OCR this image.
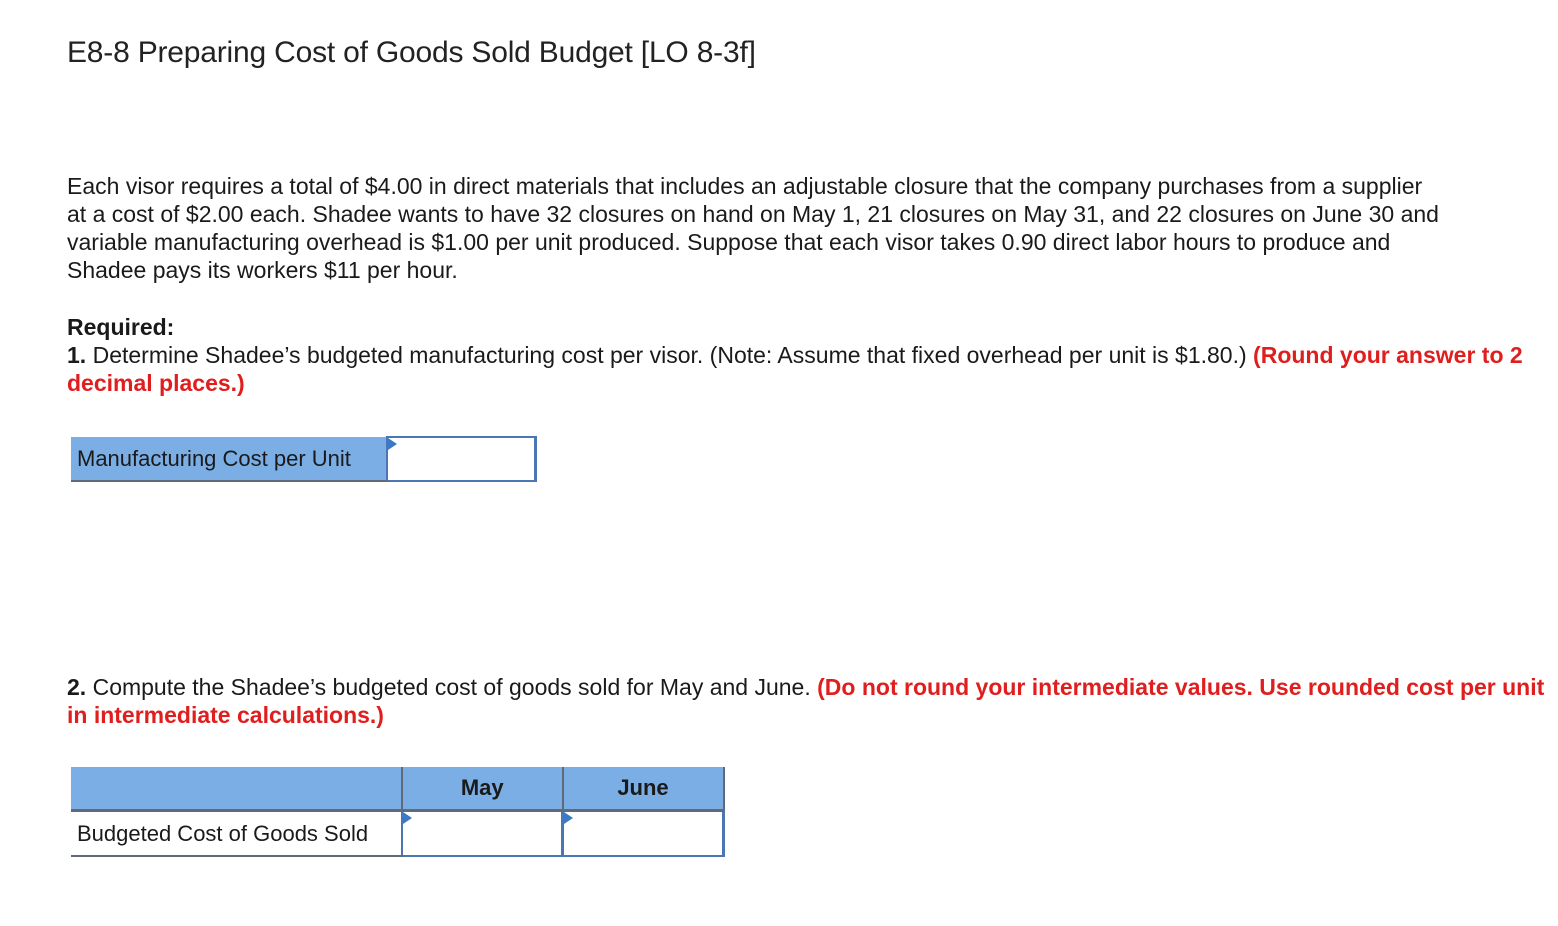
E8-8 Preparing Cost of Goods Sold Budget [LO 8-3f]
Each visor requires a total of $4.00 in direct materials that includes an adjustable closure that the company purchases from a supplier
at a cost of $2.00 each. Shadee wants to have 32 closures on hand on May 1, 21 closures on May 31, and 22 closures on June 30 and
variable manufacturing overhead is $1.00 per unit produced. Suppose that each visor takes 0.90 direct labor hours to produce and
Shadee pays its workers $11 per hour.
Required:
1. Determine Shadee’s budgeted manufacturing cost per visor. (Note: Assume that fixed overhead per unit is $1.80.) (Round your answer to 2 decimal places.)
Manufacturing Cost per Unit	
2. Compute the Shadee’s budgeted cost of goods sold for May and June. (Do not round your intermediate values. Use rounded cost per unit in intermediate calculations.)
	May	June
Budgeted Cost of Goods Sold	
